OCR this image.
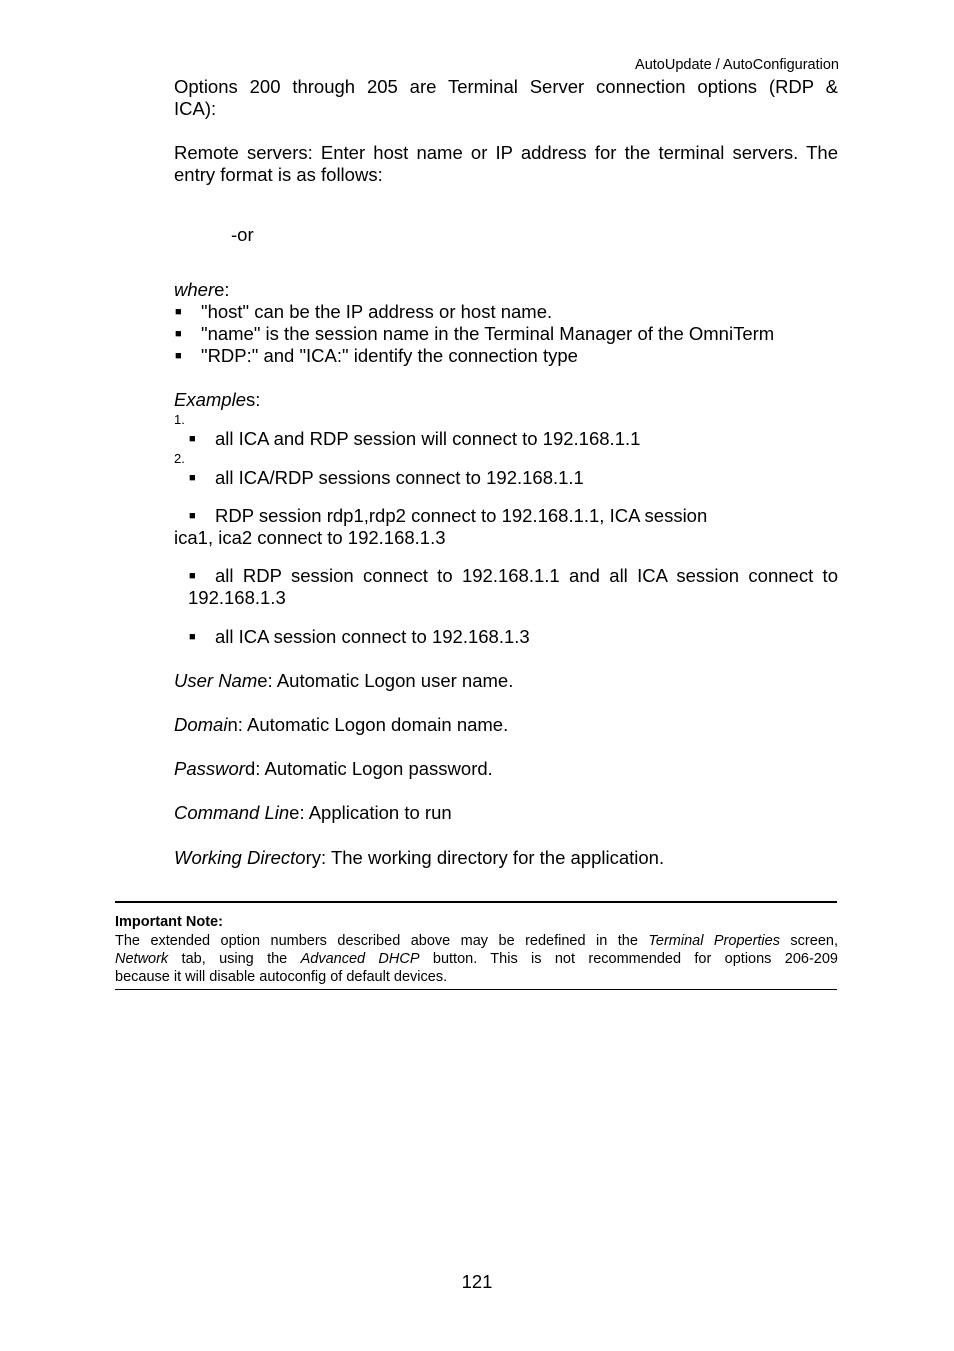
AutoUpdate / AutoConfiguration

Options 200 through 205 are Terminal Server connection options (RDP &

ICA):

Remote servers: Enter host name or IP address for the terminal servers. The

entry format is as follows:

-or

where:

■ "host" can be the IP address or host name.

■ "name" is the session name in the Terminal Manager of the OmniTerm

■ "RDP:" and "ICA:" identify the connection type

Examples:

1.

■ all ICA and RDP session will connect to 192.168.1.1

2.

■ all ICA/RDP sessions connect to 192.168.1.1

■ RDP session rdp1,rdp2 connect to 192.168.1.1, ICA session

ica1, ica2 connect to 192.168.1.3

■ all RDP session connect to 192.168.1.1 and all ICA session connect to

192.168.1.3

■ all ICA session connect to 192.168.1.3

User Name: Automatic Logon user name.

Domain: Automatic Logon domain name.

Password: Automatic Logon password.

Command Line: Application to run

Working Directory: The working directory for the application.

Important Note:

The extended option numbers described above may be redefined in the Terminal Properties screen,

Network tab, using the Advanced DHCP button. This is not recommended for options 206-209

because it will disable autoconfig of default devices.

121
